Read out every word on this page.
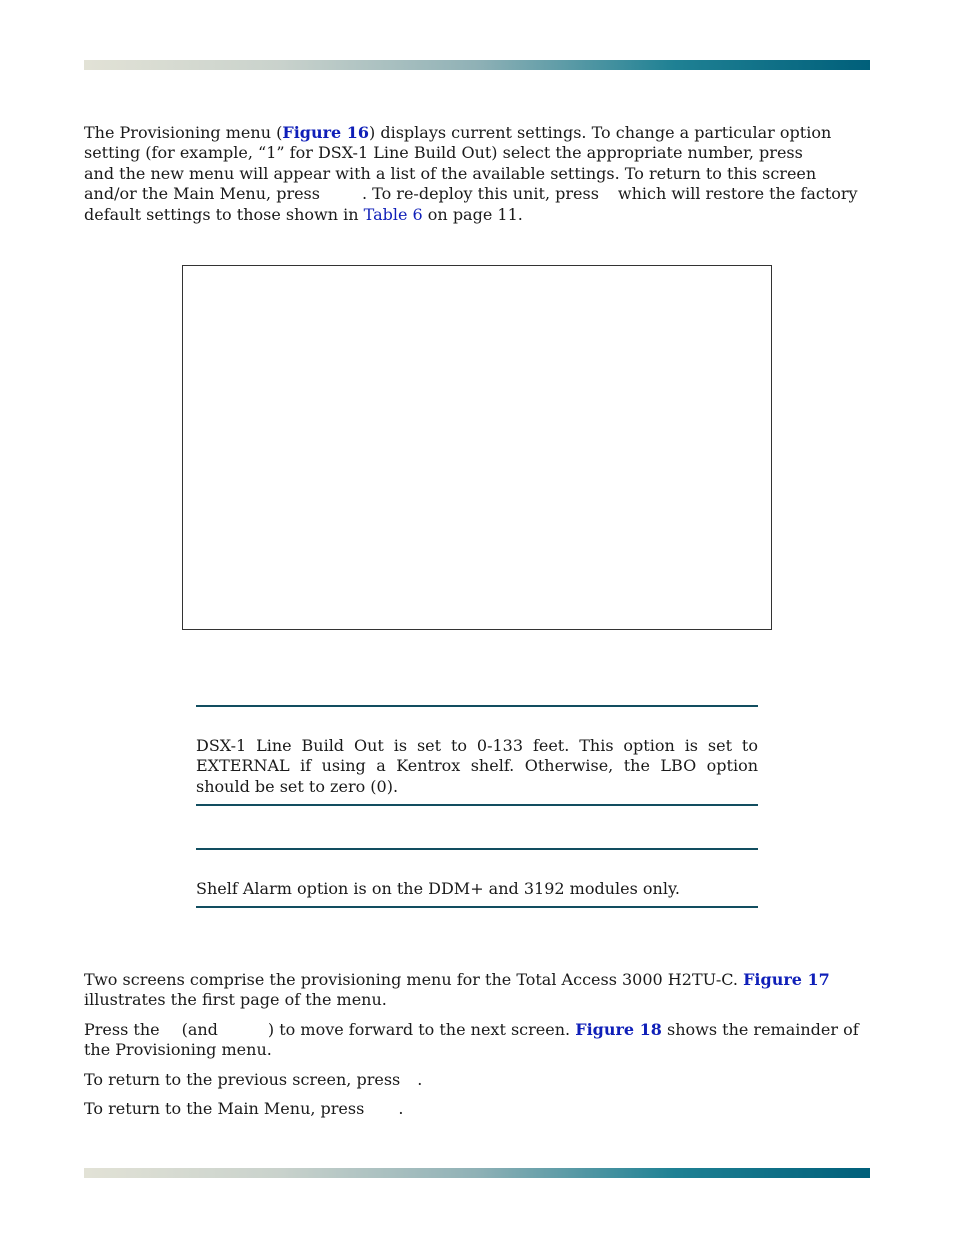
The Provisioning menu (Figure 16) displays current settings. To change a particular option
setting (for example, “1” for DSX-1 Line Build Out) select the appropriate number, press
and the new menu will appear with a list of the available settings. To return to this screen
and/or the Main Menu, press	. To re-deploy this unit, press which will restore the factory
default settings to those shown in Table 6 on page 11.

DSX-1 Line Build Out is set to 0-133 feet. This option is set to EXTERNAL if using a Kentrox shelf. Otherwise, the LBO option should be set to zero (0).

Shelf Alarm option is on the DDM+ and 3192 modules only.

Two screens comprise the provisioning menu for the Total Access 3000 H2TU-C. Figure 17
illustrates the first page of the menu.
Press the (and	) to move forward to the next screen. Figure 18 shows the remainder of
the Provisioning menu.
To return to the previous screen, press .
To return to the Main Menu, press .
